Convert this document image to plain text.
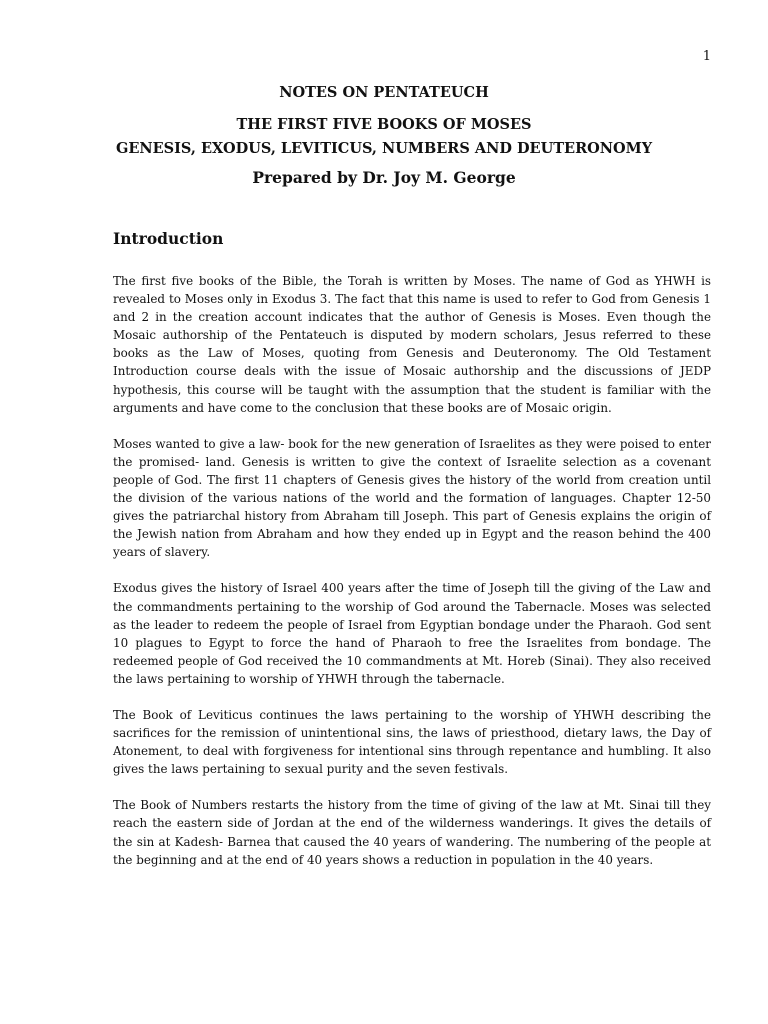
1
NOTES ON PENTATEUCH
THE FIRST FIVE BOOKS OF MOSES
GENESIS, EXODUS, LEVITICUS, NUMBERS AND DEUTERONOMY
Prepared by Dr. Joy M. George
Introduction

The first five books of the Bible, the Torah is written by Moses. The name of God as YHWH is revealed to Moses only in Exodus 3. The fact that this name is used to refer to God from Genesis 1 and 2 in the creation account indicates that the author of Genesis is Moses. Even though the Mosaic authorship of the Pentateuch is disputed by modern scholars, Jesus referred to these books as the Law of Moses, quoting from Genesis and Deuteronomy. The Old Testament Introduction course deals with the issue of Mosaic authorship and the discussions of JEDP hypothesis, this course will be taught with the assumption that the student is familiar with the arguments and have come to the conclusion that these books are of Mosaic origin.

Moses wanted to give a law- book for the new generation of Israelites as they were poised to enter the promised- land. Genesis is written to give the context of Israelite selection as a covenant people of God. The first 11 chapters of Genesis gives the history of the world from creation until the division of the various nations of the world and the formation of languages. Chapter 12-50 gives the patriarchal history from Abraham till Joseph. This part of Genesis explains the origin of the Jewish nation from Abraham and how they ended up in Egypt and the reason behind the 400 years of slavery.

Exodus gives the history of Israel 400 years after the time of Joseph till the giving of the Law and the commandments pertaining to the worship of God around the Tabernacle. Moses was selected as the leader to redeem the people of Israel from Egyptian bondage under the Pharaoh. God sent 10 plagues to Egypt to force the hand of Pharaoh to free the Israelites from bondage. The redeemed people of God received the 10 commandments at Mt. Horeb (Sinai). They also received the laws pertaining to worship of YHWH through the tabernacle.

The Book of Leviticus continues the laws pertaining to the worship of YHWH describing the sacrifices for the remission of unintentional sins, the laws of priesthood, dietary laws, the Day of Atonement, to deal with forgiveness for intentional sins through repentance and humbling. It also gives the laws pertaining to sexual purity and the seven festivals.

The Book of Numbers restarts the history from the time of giving of the law at Mt. Sinai till they reach the eastern side of Jordan at the end of the wilderness wanderings. It gives the details of the sin at Kadesh- Barnea that caused the 40 years of wandering. The numbering of the people at the beginning and at the end of 40 years shows a reduction in population in the 40 years.
